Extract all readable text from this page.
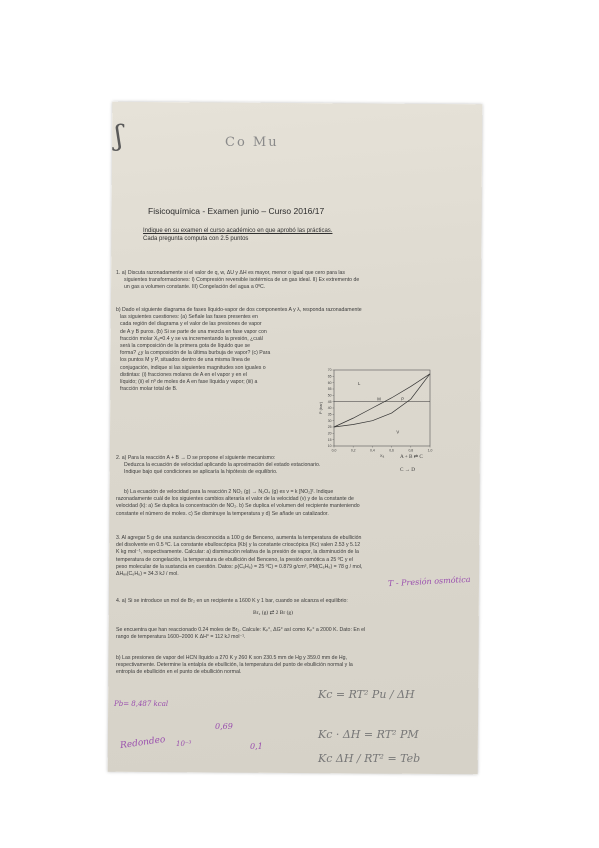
ʃ	Co Mu
Fisicoquímica - Examen junio – Curso 2016/17
Indique en su examen el curso académico en que aprobó las prácticas.
Cada pregunta computa con 2.5 puntos
1. a) Discuta razonadamente si el valor de q, w, ΔU y ΔH es mayor, menor o igual que cero para las
siguientes transformaciones: I) Compresión reversible isotérmica de un gas ideal. II) Ex extremento de
un gas a volumen constante. III) Congelación del agua a 0ºC.
b) Dado el siguiente diagrama de fases líquido-vapor de dos componentes A y λ, responda razonadamente
las siguientes cuestiones: (a) Señale las fases presentes en
cada región del diagrama y el valor de las presiones de vapor
de A y B puros. (b) Si se parte de una mezcla en fase vapor con
fracción molar Xₐ=0.4 y se va incrementando la presión, ¿cuál
será la composición de la primera gota de líquido que se
forma? ¿y la composición de la última burbuja de vapor? (c) Para
los puntos M y P, situados dentro de una misma línea de
conjugación, indique si las siguientes magnitudes son iguales o
distintas: (i) fracciones molares de A en el vapor y en el
líquido; (ii) el nº de moles de A en fase líquida y vapor; (iii) a
fracción molar total de B.
10
15
20
25
30
35
40
45
50
55
60
65
70
0,0	0,2	0,4	0,6	0,8	1,0
Xₐ
P (bar)
L
V
M	P
2. a) Para la reacción A + B → D se propone el siguiente mecanismo:
Deduzca la ecuación de velocidad aplicando la aproximación del estado estacionario.
Indique bajo qué condiciones se aplicaría la hipótesis de equilibrio.
A + B ⇄ C
C → D
b) La ecuación de velocidad para la reacción 2 NO₂ (g) → N₂O₄ (g) es v = k [NO₂]². Indique
razonadamente cuál de los siguientes cambios alteraría el valor de la velocidad (v) y de la constante de
velocidad (k): a) Se duplica la concentración de NO₂. b) Se duplica el volumen del recipiente manteniendo
constante el número de moles. c) Se disminuye la temperatura y d) Se añade un catalizador.
3. Al agregar 5 g de una sustancia desconocida a 100 g de Benceno, aumenta la temperatura de ebullición
del disolvente en 0.5 ºC. La constante ebulloscópica (Kb) y la constante crioscópica (Kc) valen 2.53 y 5.12
K kg mol⁻¹, respectivamente. Calcular: a) disminución relativa de la presión de vapor, la disminución de la
temperatura de congelación, la temperatura de ebullición del Benceno, la presión osmótica a 25 ºC y el
peso molecular de la sustancia en cuestión. Datos: ρ(C₆H₆) = 25 ºC) = 0.879 g/cm³, PM(C₆H₆) = 78 g / mol,
ΔHₑᵥ(C₆H₆) = 34.3 kJ / mol.
4. a) Si se introduce un mol de Br₂ en un recipiente a 1600 K y 1 bar, cuando se alcanza el equilibrio:
Br₂ (g) ⇄ 2 Br (g)
Se encuentra que han reaccionado 0.24 moles de Br₂. Calcule: Kₚ°, ΔG° así como Kₚ° a 2000 K. Dato: En el
rango de temperatura 1600–2000 K ΔH° = 112 kJ mol⁻¹.
b) Las presiones de vapor del HCN líquido a 270 K y 260 K son 230.5 mm de Hg y 359.0 mm de Hg,
respectivamente. Determine la entalpía de ebullición, la temperatura del punto de ebullición normal y la
entropía de ebullición en el punto de ebullición normal.
T - Presión osmótica
Kc = RT² Pu / ΔH
Kc · ΔH = RT² PM
Kc ΔH / RT² = Teb
Pb= 8,487 kcal
Redondeo 10⁻³
0,69
0,1
